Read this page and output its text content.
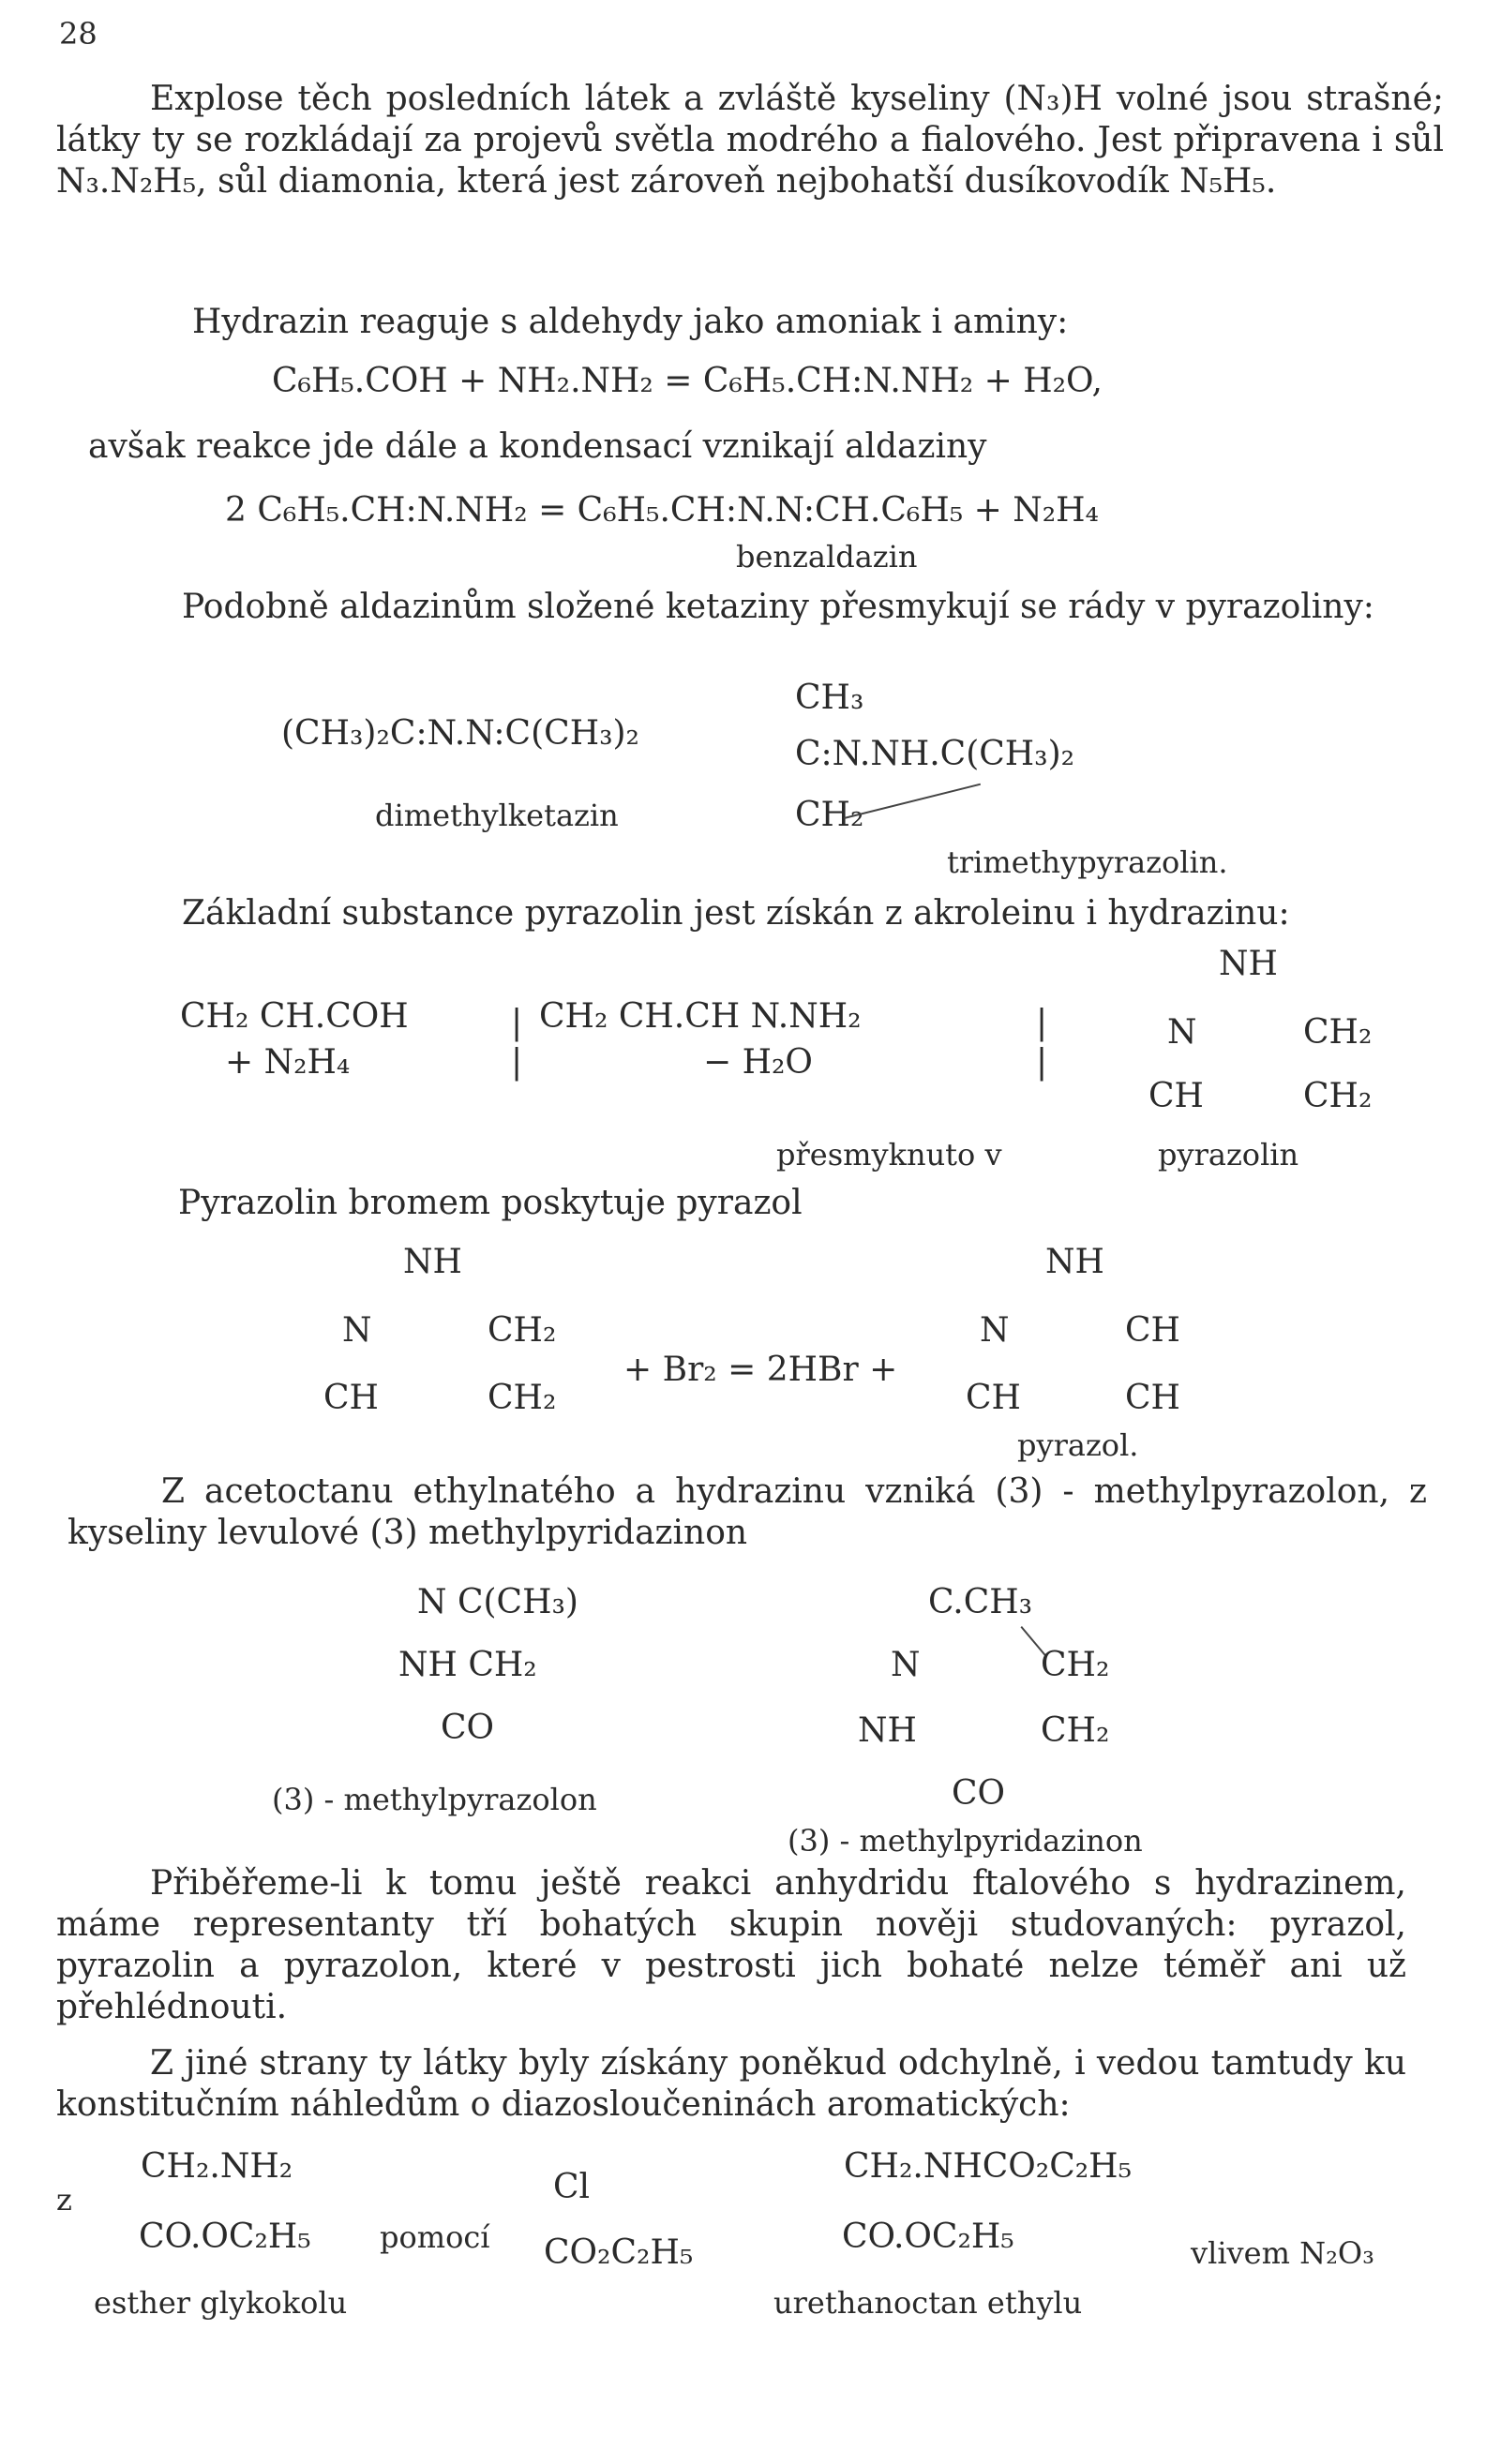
28

Explose těch posledních látek a zvláště kyseliny (N₃)H volné jsou strašné; látky ty se rozkládají za projevů světla modrého a fialového. Jest připravena i sůl N₃.N₂H₅, sůl diamonia, která jest zároveň nejbohatší dusíkovodík N₅H₅.

Hydrazin reaguje s aldehydy jako amoniak i aminy:
C₆H₅.COH + NH₂.NH₂ = C₆H₅.CH:N.NH₂ + H₂O,
avšak reakce jde dále a kondensací vznikají aldaziny
2 C₆H₅.CH:N.NH₂ = C₆H₅.CH:N.N:CH.C₆H₅ + N₂H₄
benzaldazin

Podobně aldazinům složené ketaziny přesmykují se rády v pyrazoliny:

(CH₃)₂C:N.N:C(CH₃)₂
dimethylketazin
CH₃
C:N.NH.C(CH₃)₂
CH₂
trimethypyrazolin.

Základní substance pyrazolin jest získán z akroleinu i hydrazinu:

CH₂ CH.COH
+ N₂H₄
|
|
CH₂ CH.CH N.NH₂
− H₂O
|
|
přesmyknuto v
NH
N	CH₂
CH	CH₂
pyrazolin
Pyrazolin bromem poskytuje pyrazol
NH
N	CH₂
CH	CH₂
+ Br₂ = 2HBr +
NH
N	CH
CH	CH
pyrazol.

Z acetoctanu ethylnatého a hydrazinu vzniká (3) - methylpyrazolon, z kyseliny levulové (3) methylpyridazinon

N C(CH₃)
NH CH₂
CO
(3) - methylpyrazolon
C.CH₃
N	CH₂
NH	CH₂
CO
(3) - methylpyridazinon

Přiběřeme-li k tomu ještě reakci anhydridu ftalového s hydrazinem, máme representanty tří bohatých skupin nověji studovaných: pyrazol, pyrazolin a pyrazolon, které v pestrosti jich bohaté nelze téměř ani už přehlédnouti.

Z jiné strany ty látky byly získány poněkud odchylně, i vedou tamtudy ku konstitučním náhledům o diazosloučeninách aromatických:

z
CH₂.NH₂
CO.OC₂H₅
esther glykokolu
pomocí
Cl
CO₂C₂H₅
CH₂.NHCO₂C₂H₅
CO.OC₂H₅
urethanoctan ethylu
vlivem N₂O₃
